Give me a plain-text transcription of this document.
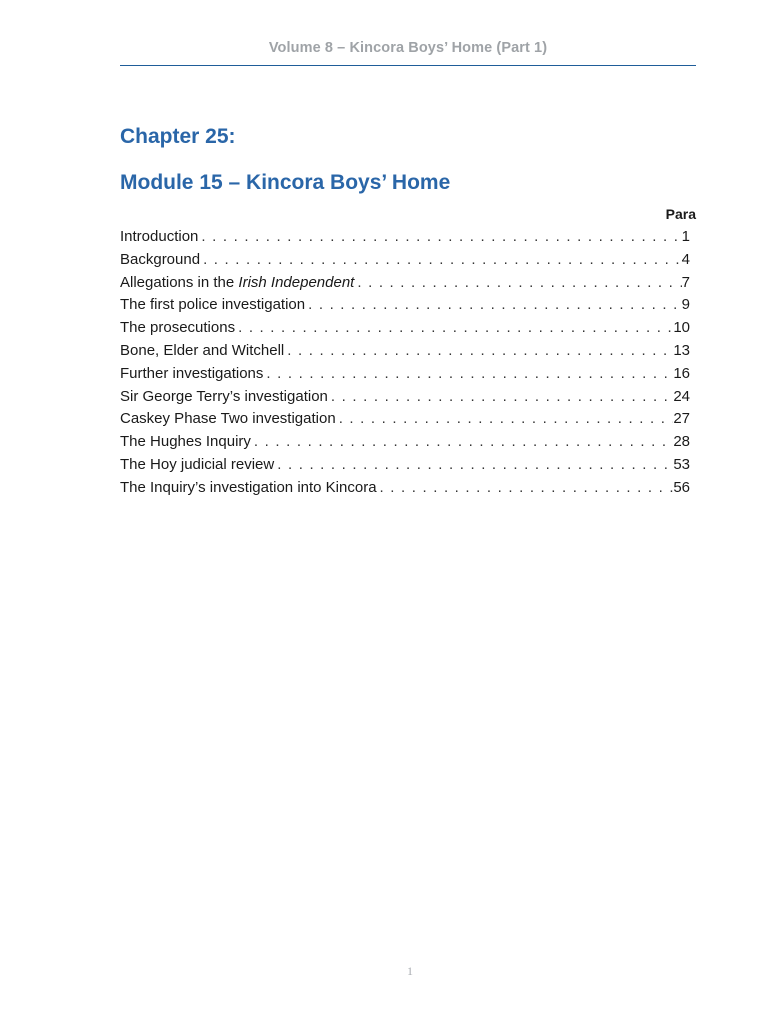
Volume 8 – Kincora Boys’ Home (Part 1)
Chapter 25:
Module 15 – Kincora Boys’ Home
Para
Introduction . . .	1
Background . . .	4
Allegations in the Irish Independent . . .	7
The first police investigation . . .	9
The prosecutions . . .	10
Bone, Elder and Witchell . . .	13
Further investigations . . .	16
Sir George Terry’s investigation . . .	24
Caskey Phase Two investigation . . .	27
The Hughes Inquiry . . .	28
The Hoy judicial review . . .	53
The Inquiry’s investigation into Kincora . . .	56
1
